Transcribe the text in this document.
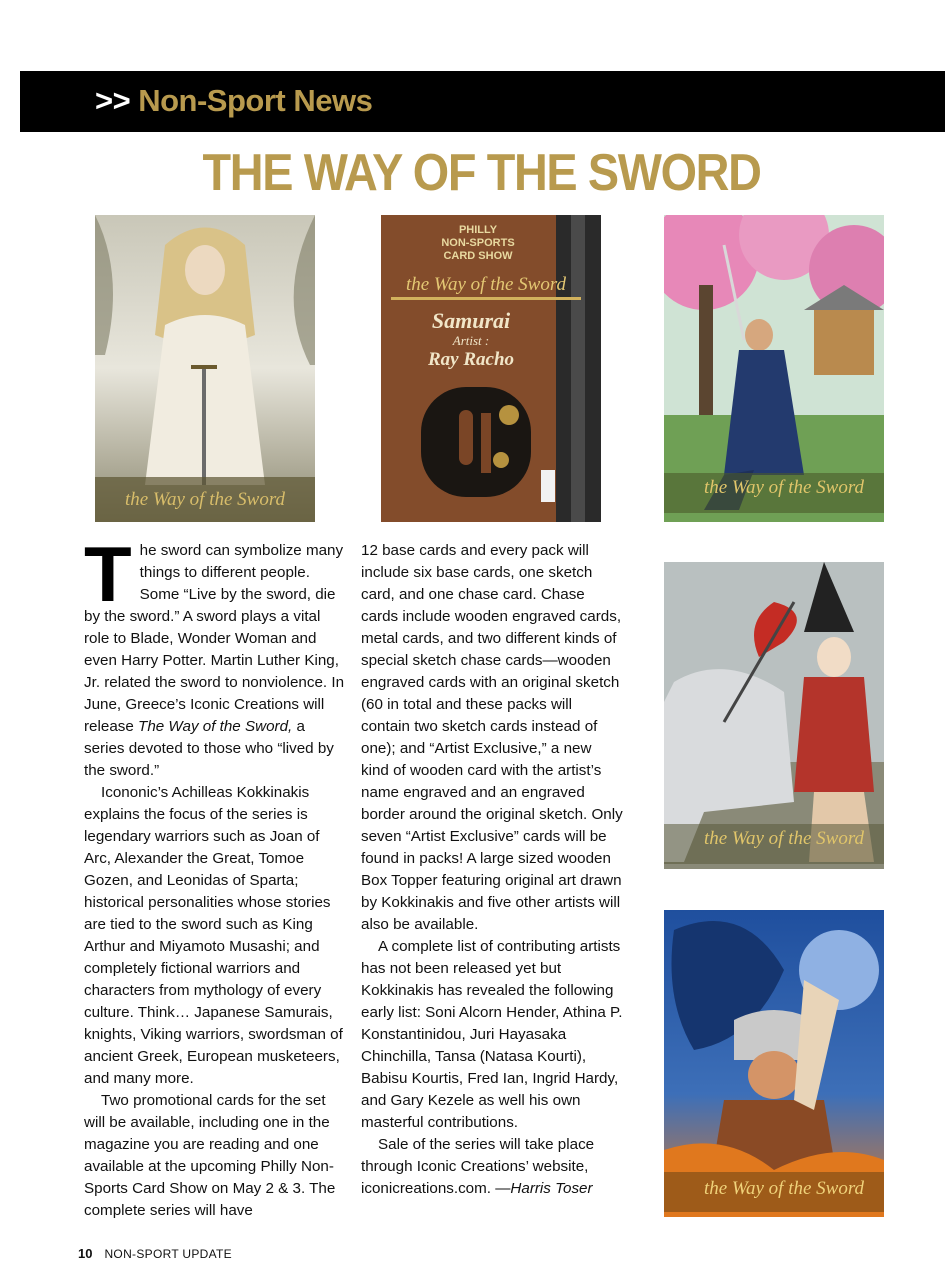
>> Non-Sport News
THE WAY OF THE SWORD
the Way of the Sword
PHILLY
NON-SPORTS
CARD SHOW
the Way of the Sword
Samurai
Artist :
Ray Racho
the Way of the Sword
the Way of the Sword
the Way of the Sword

The sword can symbolize many things to different people. Some “Live by the sword, die by the sword.” A sword plays a vital role to Blade, Wonder Woman and even Harry Potter. Martin Luther King, Jr. related the sword to nonviolence. In June, Greece’s Iconic Creations will release The Way of the Sword, a series devoted to those who “lived by the sword.”

Icononic’s Achilleas Kokkinakis explains the focus of the series is legendary warriors such as Joan of Arc, Alexander the Great, Tomoe Gozen, and Leonidas of Sparta; historical personalities whose stories are tied to the sword such as King Arthur and Miyamoto Musashi; and completely fictional warriors and characters from mythology of every culture. Think… Japanese Samurais, knights, Viking warriors, swordsman of ancient Greek, European musketeers, and many more.

Two promotional cards for the set will be available, including one in the magazine you are reading and one available at the upcoming Philly Non-Sports Card Show on May 2 & 3. The complete series will have

12 base cards and every pack will include six base cards, one sketch card, and one chase card. Chase cards include wooden engraved cards, metal cards, and two different kinds of special sketch chase cards—wooden engraved cards with an original sketch (60 in total and these packs will contain two sketch cards instead of one); and “Artist Exclusive,” a new kind of wooden card with the artist’s name engraved and an engraved border around the original sketch. Only seven “Artist Exclusive” cards will be found in packs! A large sized wooden Box Topper featuring original art drawn by Kokkinakis and five other artists will also be available.

A complete list of contributing artists has not been released yet but Kokkinakis has revealed the following early list: Soni Alcorn Hender, Athina P. Konstantinidou, Juri Hayasaka Chinchilla, Tansa (Natasa Kourti), Babisu Kourtis, Fred Ian, Ingrid Hardy, and Gary Kezele as well his own masterful contributions.

Sale of the series will take place through Iconic Creations’ website, iconicreations.com. —Harris Toser

10 NON-SPORT UPDATE
